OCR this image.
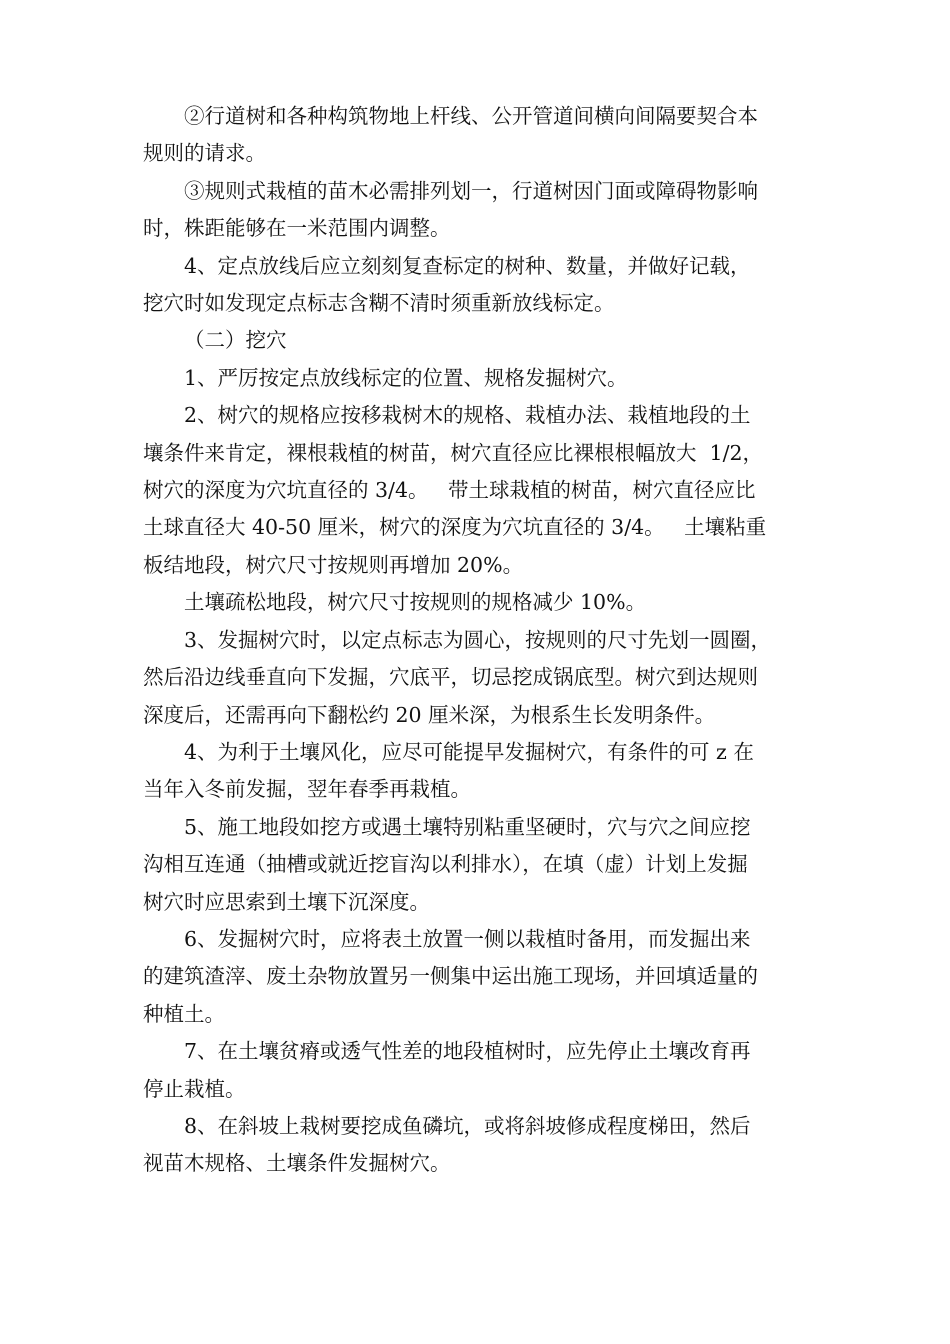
②行道树和各种构筑物地上杆线、公开管道间横向间隔要契合本
规则的请求。
③规则式栽植的苗木必需排列划一，行道树因门面或障碍物影响
时，株距能够在一米范围内调整。
4、定点放线后应立刻刻复查标定的树种、数量，并做好记载，
挖穴时如发现定点标志含糊不清时须重新放线标定。
（二）挖穴
1、严厉按定点放线标定的位置、规格发掘树穴。
2、树穴的规格应按移栽树木的规格、栽植办法、栽植地段的土
壤条件来肯定，裸根栽植的树苗，树穴直径应比裸根根幅放大  1/2，
树穴的深度为穴坑直径的 3/4。   带土球栽植的树苗，树穴直径应比
土球直径大 40-50 厘米，树穴的深度为穴坑直径的 3/4。   土壤粘重
板结地段，树穴尺寸按规则再增加 20%。
土壤疏松地段，树穴尺寸按规则的规格减少 10%。
3、发掘树穴时，以定点标志为圆心，按规则的尺寸先划一圆圈，
然后沿边线垂直向下发掘，穴底平，切忌挖成锅底型。树穴到达规则
深度后，还需再向下翻松约 20 厘米深，为根系生长发明条件。
4、为利于土壤风化，应尽可能提早发掘树穴，有条件的可 z 在
当年入冬前发掘，翌年春季再栽植。
5、施工地段如挖方或遇土壤特别粘重坚硬时，穴与穴之间应挖
沟相互连通（抽槽或就近挖盲沟以利排水），在填（虚）计划上发掘
树穴时应思索到土壤下沉深度。
6、发掘树穴时，应将表土放置一侧以栽植时备用，而发掘出来
的建筑渣滓、废土杂物放置另一侧集中运出施工现场，并回填适量的
种植土。
7、在土壤贫瘠或透气性差的地段植树时，应先停止土壤改育再
停止栽植。
8、在斜坡上栽树要挖成鱼磷坑，或将斜坡修成程度梯田，然后
视苗木规格、土壤条件发掘树穴。
